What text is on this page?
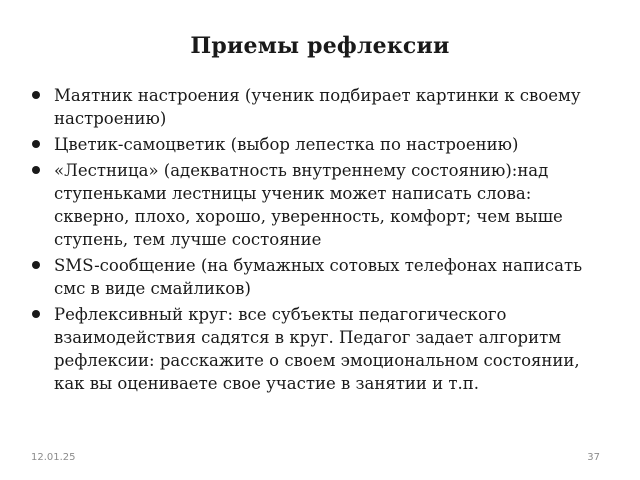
Приемы рефлексии
Маятник настроения (ученик подбирает картинки к своему настроению)
Цветик-самоцветик (выбор лепестка по настроению)
«Лестница» (адекватность внутреннему состоянию):над ступеньками лестницы ученик может написать слова: скверно, плохо, хорошо, уверенность, комфорт; чем выше ступень, тем лучше состояние
SMS-сообщение (на бумажных сотовых телефонах написать смс в виде смайликов)
Рефлексивный круг: все субъекты педагогического взаимодействия садятся в круг. Педагог задает алгоритм рефлексии: расскажите о своем эмоциональном состоянии, как вы оцениваете свое участие в занятии и т.п.
12.01.25	37
